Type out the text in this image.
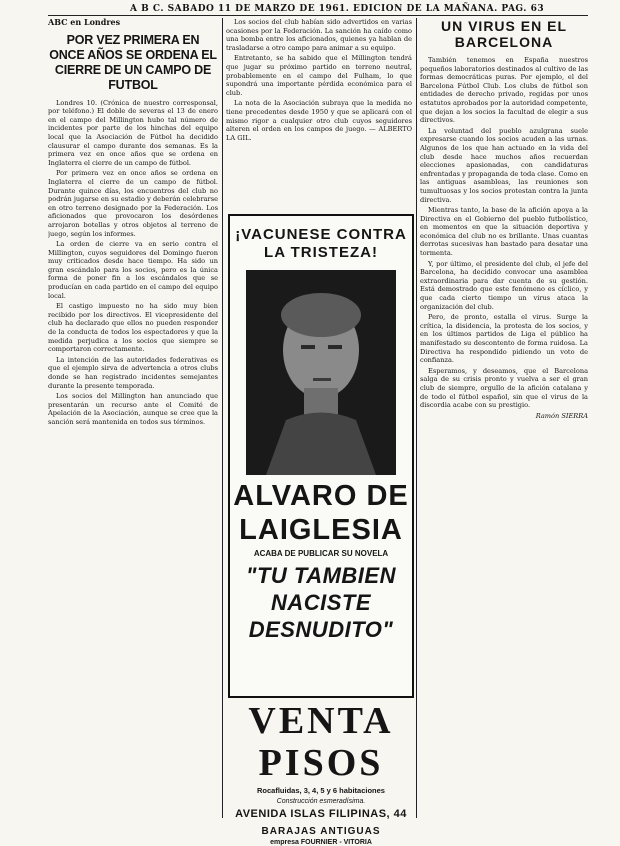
A B C. SABADO 11 DE MARZO DE 1961. EDICION DE LA MAÑANA. PAG. 63
ABC en Londres
POR VEZ PRIMERA EN ONCE AÑOS SE ORDENA EL CIERRE DE UN CAMPO DE FUTBOL

Londres 10. (Crónica de nuestro corresponsal, por teléfono.) El doble de severas el 13 de enero en el campo del Millington hubo tal número de incidentes por parte de los hinchas del equipo local que la Asociación de Fútbol ha decidido clausurar el campo durante dos semanas. Es la primera vez en once años que se ordena en Inglaterra el cierre de un campo de fútbol.

Por primera vez en once años se ordena en Inglaterra el cierre de un campo de fútbol. Durante quince días, los encuentros del club no podrán jugarse en su estadio y deberán celebrarse en otro terreno designado por la Federación. Los aficionados que provocaron los desórdenes arrojaron botellas y otros objetos al terreno de juego, según los informes.

La orden de cierre va en serio contra el Millington, cuyos seguidores del Domingo fueron muy criticados desde hace tiempo. Ha sido un gran escándalo para los socios, pero es la única forma de poner fin a los escándalos que se producían en cada partido en el campo del equipo local.

El castigo impuesto no ha sido muy bien recibido por los directivos. El vicepresidente del club ha declarado que ellos no pueden responder de la conducta de todos los espectadores y que la medida perjudica a los socios que siempre se comportaron correctamente.

La intención de las autoridades federativas es que el ejemplo sirva de advertencia a otros clubs donde se han registrado incidentes semejantes durante la presente temporada.

Los socios del Millington han anunciado que presentarán un recurso ante el Comité de Apelación de la Asociación, aunque se cree que la sanción será mantenida en todos sus términos.

Los socios del club habían sido advertidos en varias ocasiones por la Federación. La sanción ha caído como una bomba entre los aficionados, quienes ya hablan de trasladarse a otro campo para animar a su equipo.

Entretanto, se ha sabido que el Millington tendrá que jugar su próximo partido en terreno neutral, probablemente en el campo del Fulham, lo que supondrá una importante pérdida económica para el club.

La nota de la Asociación subraya que la medida no tiene precedentes desde 1950 y que se aplicará con el mismo rigor a cualquier otro club cuyos seguidores alteren el orden en los campos de juego. — ALBERTO LA GIL.

¡VACUNESE CONTRA LA TRISTEZA!
ALVARO DE LAIGLESIA
ACABA DE PUBLICAR SU NOVELA
"TU TAMBIEN NACISTE DESNUDITO"
VENTA PISOS
Rocafluidas, 3, 4, 5 y 6 habitaciones
Construcción esmeradísima.
AVENIDA ISLAS FILIPINAS, 44
BARAJAS ANTIGUAS
empresa FOURNIER - VITORIA
UN VIRUS EN EL BARCELONA

También tenemos en España nuestros pequeños laboratorios destinados al cultivo de las formas democráticas puras. Por ejemplo, el del Barcelona Fútbol Club. Los clubs de fútbol son entidades de derecho privado, regidas por unos estatutos aprobados por la autoridad competente, que dejan a los socios la facultad de elegir a sus directivos.

La voluntad del pueblo azulgrana suele expresarse cuando los socios acuden a las urnas. Algunos de los que han actuado en la vida del club desde hace muchos años recuerdan elecciones apasionadas, con candidaturas enfrentadas y propaganda de toda clase. Como en las antiguas asambleas, las reuniones son tumultuosas y los socios protestan contra la junta directiva.

Mientras tanto, la base de la afición apoya a la Directiva en el Gobierno del pueblo futbolístico, en momentos en que la situación deportiva y económica del club no es brillante. Unas cuantas derrotas sucesivas han bastado para desatar una tormenta.

Y, por último, el presidente del club, el jefe del Barcelona, ha decidido convocar una asamblea extraordinaria para dar cuenta de su gestión. Está demostrado que este fenómeno es cíclico, y que cada cierto tiempo un virus ataca la organización del club.

Pero, de pronto, estalla el virus. Surge la crítica, la disidencia, la protesta de los socios, y en los últimos partidos de Liga el público ha manifestado su descontento de forma ruidosa. La Directiva ha respondido pidiendo un voto de confianza.

Esperamos, y deseamos, que el Barcelona salga de su crisis pronto y vuelva a ser el gran club de siempre, orgullo de la afición catalana y de todo el fútbol español, sin que el virus de la discordia acabe con su prestigio.

Ramón SIERRA
